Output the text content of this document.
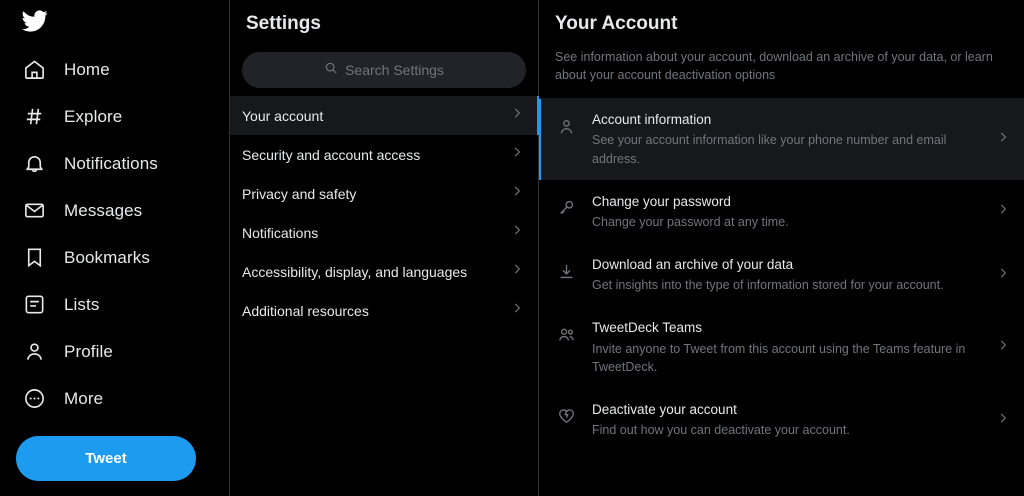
Home
Explore
Notifications
Messages
Bookmarks
Lists
Profile
More
Tweet
Settings
Search Settings
Your account
Security and account access
Privacy and safety
Notifications
Accessibility, display, and languages
Additional resources
Your Account
See information about your account, download an archive of your data, or learn about your account deactivation options
Account information
See your account information like your phone number and email address.
Change your password
Change your password at any time.
Download an archive of your data
Get insights into the type of information stored for your account.
TweetDeck Teams
Invite anyone to Tweet from this account using the Teams feature in TweetDeck.
Deactivate your account
Find out how you can deactivate your account.
